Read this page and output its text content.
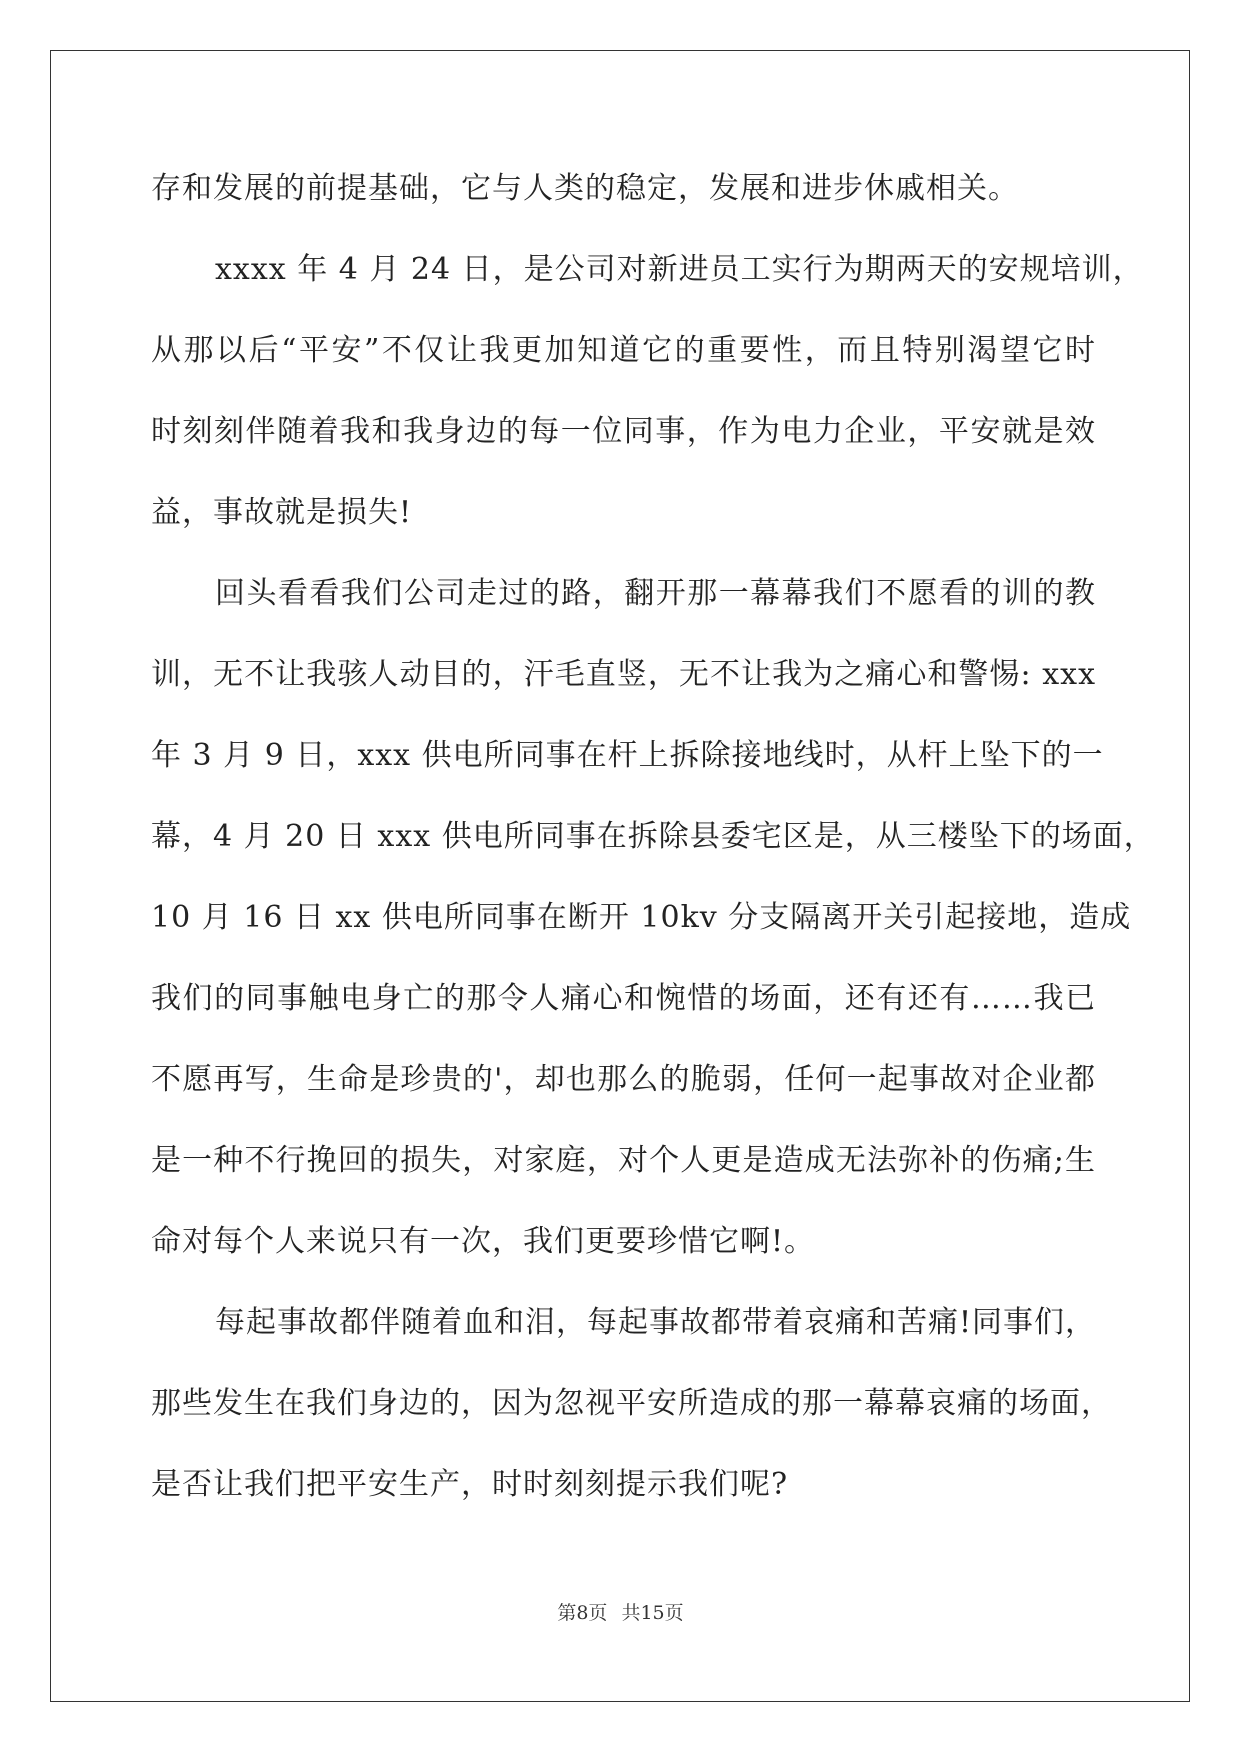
存和发展的前提基础，它与人类的稳定，发展和进步休戚相关。
xxxx 年 4 月 24 日，是公司对新进员工实行为期两天的安规培训，
从那以后“平安”不仅让我更加知道它的重要性，而且特别渴望它时
时刻刻伴随着我和我身边的每一位同事，作为电力企业，平安就是效
益，事故就是损失!
回头看看我们公司走过的路，翻开那一幕幕我们不愿看的训的教
训，无不让我骇人动目的，汗毛直竖，无不让我为之痛心和警惕: xxx
年 3 月 9 日，xxx 供电所同事在杆上拆除接地线时，从杆上坠下的一
幕，4 月 20 日 xxx 供电所同事在拆除县委宅区是，从三楼坠下的场面，
10 月 16 日 xx 供电所同事在断开 10kv 分支隔离开关引起接地，造成
我们的同事触电身亡的那令人痛心和惋惜的场面，还有还有……我已
不愿再写，生命是珍贵的'，却也那么的脆弱，任何一起事故对企业都
是一种不行挽回的损失，对家庭，对个人更是造成无法弥补的伤痛;生
命对每个人来说只有一次，我们更要珍惜它啊!。
每起事故都伴随着血和泪，每起事故都带着哀痛和苦痛!同事们，
那些发生在我们身边的，因为忽视平安所造成的那一幕幕哀痛的场面，
是否让我们把平安生产，时时刻刻提示我们呢?
第8页 共15页
